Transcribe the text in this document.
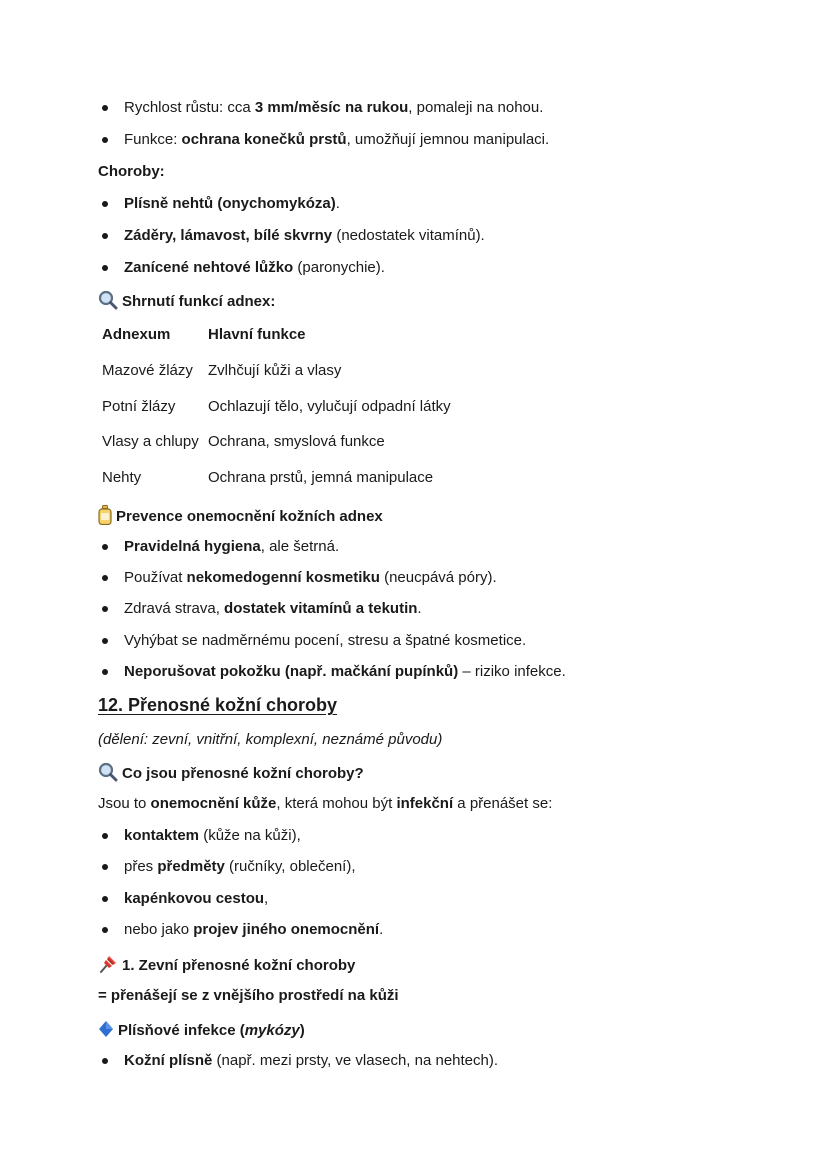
Rychlost růstu: cca 3 mm/měsíc na rukou, pomaleji na nohou.
Funkce: ochrana konečků prstů, umožňují jemnou manipulaci.
Choroby:
Plísně nehtů (onychomykóza).
Záděry, lámavost, bílé skvrny (nedostatek vitamínů).
Zanícené nehtové lůžko (paronychie).
Shrnutí funkcí adnex:
Adnexum	Hlavní funkce
Mazové žlázy Zvlhčují kůži a vlasy
Potní žlázy Ochlazují tělo, vylučují odpadní látky
Vlasy a chlupy Ochrana, smyslová funkce
Nehty	Ochrana prstů, jemná manipulace
Prevence onemocnění kožních adnex
Pravidelná hygiena, ale šetrná.
Používat nekomedogenní kosmetiku (neucpává póry).
Zdravá strava, dostatek vitamínů a tekutin.
Vyhýbat se nadměrnému pocení, stresu a špatné kosmetice.
Neporušovat pokožku (např. mačkání pupínků) – riziko infekce.
12. Přenosné kožní choroby
(dělení: zevní, vnitřní, komplexní, neznámé původu)
Co jsou přenosné kožní choroby?
Jsou to onemocnění kůže, která mohou být infekční a přenášet se:
kontaktem (kůže na kůži),
přes předměty (ručníky, oblečení),
kapénkovou cestou,
nebo jako projev jiného onemocnění.
1. Zevní přenosné kožní choroby
= přenášejí se z vnějšího prostředí na kůži
Plísňové infekce (mykózy)
Kožní plísně (např. mezi prsty, ve vlasech, na nehtech).
